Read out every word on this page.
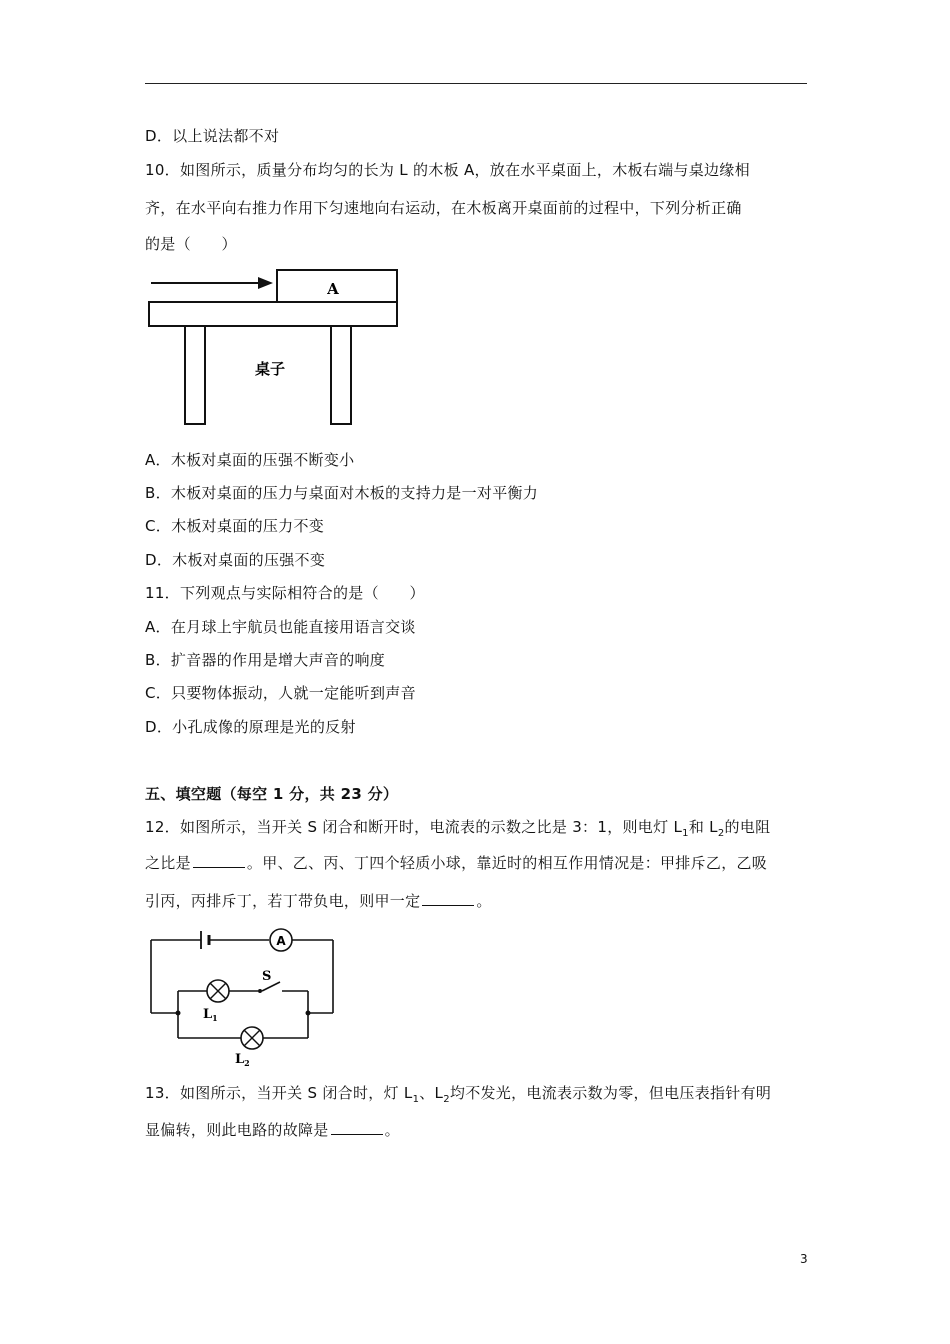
D．以上说法都不对
10．如图所示，质量分布均匀的长为 L 的木板 A，放在水平桌面上，木板右端与桌边缘相
齐，在水平向右推力作用下匀速地向右运动，在木板离开桌面前的过程中，下列分析正确
的是（　　）
A
桌子
A．木板对桌面的压强不断变小
B．木板对桌面的压力与桌面对木板的支持力是一对平衡力
C．木板对桌面的压力不变
D．木板对桌面的压强不变
11．下列观点与实际相符合的是（　　）
A．在月球上宇航员也能直接用语言交谈
B．扩音器的作用是增大声音的响度
C．只要物体振动，人就一定能听到声音
D．小孔成像的原理是光的反射
五、填空题（每空 1 分，共 23 分）
12．如图所示，当开关 S 闭合和断开时，电流表的示数之比是 3：1，则电灯 $L_1$和 $L_2$的电阻
之比是	。甲、乙、丙、丁四个轻质小球，靠近时的相互作用情况是：甲排斥乙，乙吸
引丙，丙排斥丁，若丁带负电，则甲一定	。
A
S
$L_1$
$L_2$
13．如图所示，当开关 S 闭合时，灯 $L_1$、$L_2$均不发光，电流表示数为零，但电压表指针有明
显偏转，则此电路的故障是	。
3
